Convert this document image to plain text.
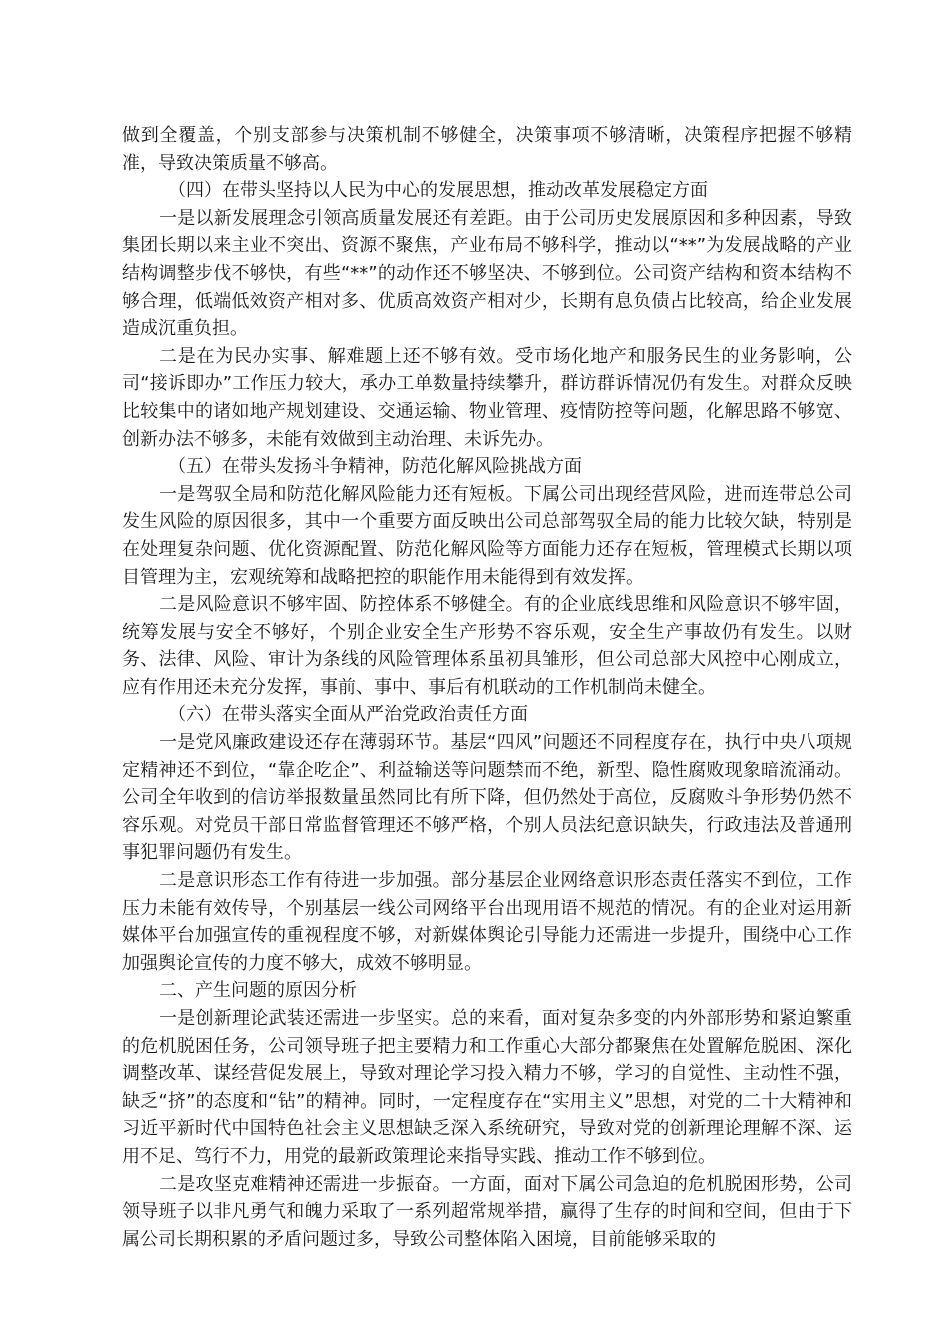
做到全覆盖，个别支部参与决策机制不够健全，决策事项不够清晰，决策程序把握不够精准，导致决策质量不够高。

（四）在带头坚持以人民为中心的发展思想，推动改革发展稳定方面

一是以新发展理念引领高质量发展还有差距。由于公司历史发展原因和多种因素，导致集团长期以来主业不突出、资源不聚焦，产业布局不够科学，推动以“**”为发展战略的产业结构调整步伐不够快，有些“**”的动作还不够坚决、不够到位。公司资产结构和资本结构不够合理，低端低效资产相对多、优质高效资产相对少，长期有息负债占比较高，给企业发展造成沉重负担。

二是在为民办实事、解难题上还不够有效。受市场化地产和服务民生的业务影响，公司“接诉即办”工作压力较大，承办工单数量持续攀升，群访群诉情况仍有发生。对群众反映比较集中的诸如地产规划建设、交通运输、物业管理、疫情防控等问题，化解思路不够宽、创新办法不够多，未能有效做到主动治理、未诉先办。

（五）在带头发扬斗争精神，防范化解风险挑战方面

一是驾驭全局和防范化解风险能力还有短板。下属公司出现经营风险，进而连带总公司发生风险的原因很多，其中一个重要方面反映出公司总部驾驭全局的能力比较欠缺，特别是在处理复杂问题、优化资源配置、防范化解风险等方面能力还存在短板，管理模式长期以项目管理为主，宏观统筹和战略把控的职能作用未能得到有效发挥。

二是风险意识不够牢固、防控体系不够健全。有的企业底线思维和风险意识不够牢固，统筹发展与安全不够好，个别企业安全生产形势不容乐观，安全生产事故仍有发生。以财务、法律、风险、审计为条线的风险管理体系虽初具雏形，但公司总部大风控中心刚成立，应有作用还未充分发挥，事前、事中、事后有机联动的工作机制尚未健全。

（六）在带头落实全面从严治党政治责任方面

一是党风廉政建设还存在薄弱环节。基层“四风”问题还不同程度存在，执行中央八项规定精神还不到位，“靠企吃企”、利益输送等问题禁而不绝，新型、隐性腐败现象暗流涌动。公司全年收到的信访举报数量虽然同比有所下降，但仍然处于高位，反腐败斗争形势仍然不容乐观。对党员干部日常监督管理还不够严格，个别人员法纪意识缺失，行政违法及普通刑事犯罪问题仍有发生。

二是意识形态工作有待进一步加强。部分基层企业网络意识形态责任落实不到位，工作压力未能有效传导，个别基层一线公司网络平台出现用语不规范的情况。有的企业对运用新媒体平台加强宣传的重视程度不够，对新媒体舆论引导能力还需进一步提升，围绕中心工作加强舆论宣传的力度不够大，成效不够明显。

二、产生问题的原因分析

一是创新理论武装还需进一步坚实。总的来看，面对复杂多变的内外部形势和紧迫繁重的危机脱困任务，公司领导班子把主要精力和工作重心大部分都聚焦在处置解危脱困、深化调整改革、谋经营促发展上，导致对理论学习投入精力不够，学习的自觉性、主动性不强，缺乏“挤”的态度和“钻”的精神。同时，一定程度存在“实用主义”思想，对党的二十大精神和习近平新时代中国特色社会主义思想缺乏深入系统研究，导致对党的创新理论理解不深、运用不足、笃行不力，用党的最新政策理论来指导实践、推动工作不够到位。

二是攻坚克难精神还需进一步振奋。一方面，面对下属公司急迫的危机脱困形势，公司领导班子以非凡勇气和魄力采取了一系列超常规举措，赢得了生存的时间和空间，但由于下属公司长期积累的矛盾问题过多，导致公司整体陷入困境，目前能够采取的
